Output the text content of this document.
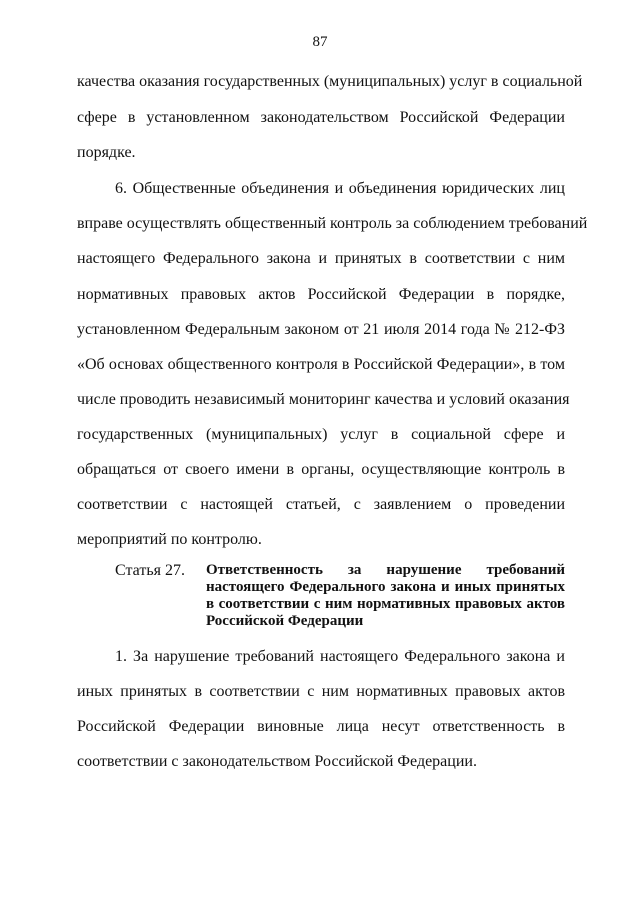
87
качества оказания государственных (муниципальных) услуг в социальной
сфере в установленном законодательством Российской Федерации
порядке.
6. Общественные объединения и объединения юридических лиц
вправе осуществлять общественный контроль за соблюдением требований
настоящего Федерального закона и принятых в соответствии с ним
нормативных правовых актов Российской Федерации в порядке,
установленном Федеральным законом от 21 июля 2014 года № 212-ФЗ
«Об основах общественного контроля в Российской Федерации», в том
числе проводить независимый мониторинг качества и условий оказания
государственных (муниципальных) услуг в социальной сфере и
обращаться от своего имени в органы, осуществляющие контроль в
соответствии с настоящей статьей, с заявлением о проведении
мероприятий по контролю.
Статья 27. Ответственность за нарушение требований
настоящего Федерального закона и иных принятых
в соответствии с ним нормативных правовых актов
Российской Федерации
1. За нарушение требований настоящего Федерального закона и
иных принятых в соответствии с ним нормативных правовых актов
Российской Федерации виновные лица несут ответственность в
соответствии с законодательством Российской Федерации.
